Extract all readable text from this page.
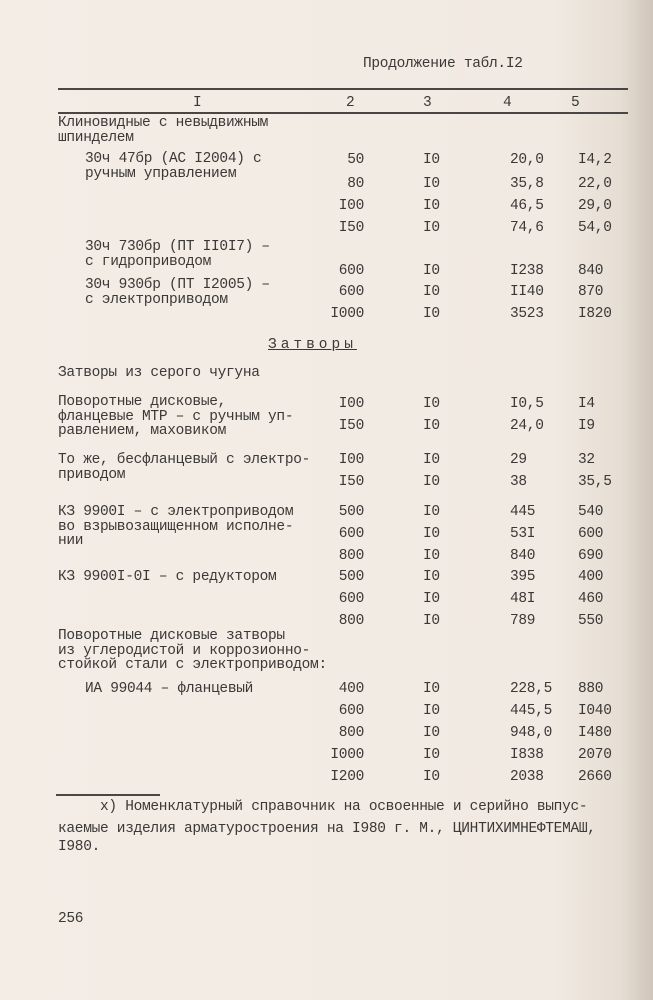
Продолжение табл.I2
I	2	3	4	5
Затворы
Клиновидные с невыдвижным
шпинделем
30ч 47бр (АС I2004) с
ручным управлением
50	I0	20,0 I4,2
80	I0	35,8 22,0
I00	I0	46,5 29,0
I50	I0	74,6 54,0
30ч 730бр (ПТ II0I7) –
с гидроприводом
600	I0	I238 840
30ч 930бр (ПТ I2005) –
с электроприводом	600	I0	II40 870
I000	I0	3523 I820
Затворы из серого чугуна
Поворотные дисковые,
фланцевые МТР – с ручным уп-
равлением, маховиком
I00	I0	I0,5 I4
I50	I0	24,0 I9
То же, бесфланцевый с электро-
приводом
I00	I0	29	32
I50	I0	38	35,5
КЗ 9900I – с электроприводом
во взрывозащищенном исполне-
нии
500	I0	445	540
600	I0	53I	600
800	I0	840	690
КЗ 9900I-0I – с редуктором	500	I0	395	400
600	I0	48I	460
800	I0	789	550
Поворотные дисковые затворы
из углеродистой и коррозионно-
стойкой стали с электроприводом:
ИА 99044 – фланцевый	400	I0	228,5 880
600	I0	445,5 I040
800	I0	948,0 I480
I000	I0	I838 2070
I200	I0	2038 2660
x) Номенклатурный справочник на освоенные и серийно выпус-
каемые изделия арматуростроения на I980 г. М., ЦИНТИХИМНЕФТЕМАШ,
I980.
256
